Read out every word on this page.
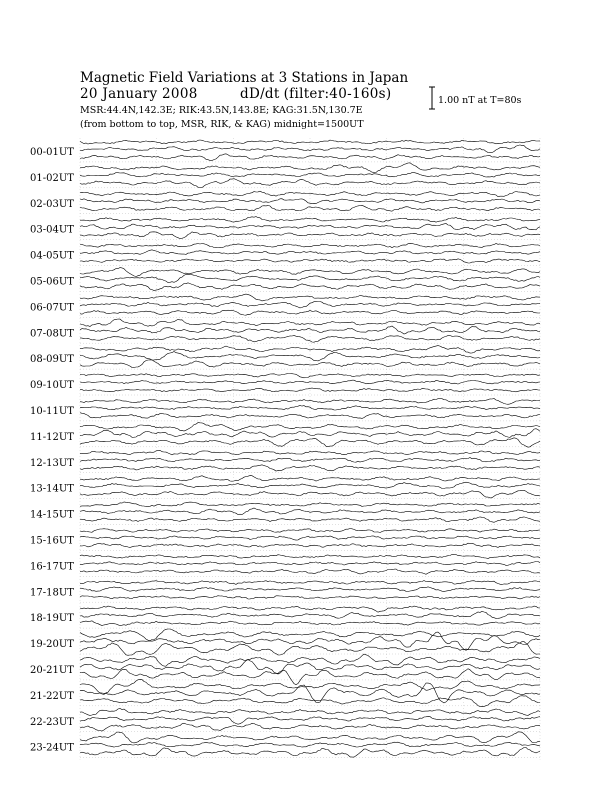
Magnetic Field Variations at 3 Stations in Japan
20 January 2008	dD/dt (filter:40-160s)
MSR:44.4N,142.3E; RIK:43.5N,143.8E; KAG:31.5N,130.7E
(from bottom to top, MSR, RIK, & KAG) midnight=1500UT
1.00 nT at T=80s
00-01UT
01-02UT
02-03UT
03-04UT
04-05UT
05-06UT
06-07UT
07-08UT
08-09UT
09-10UT
10-11UT
11-12UT
12-13UT
13-14UT
14-15UT
15-16UT
16-17UT
17-18UT
18-19UT
19-20UT
20-21UT
21-22UT
22-23UT
23-24UT
